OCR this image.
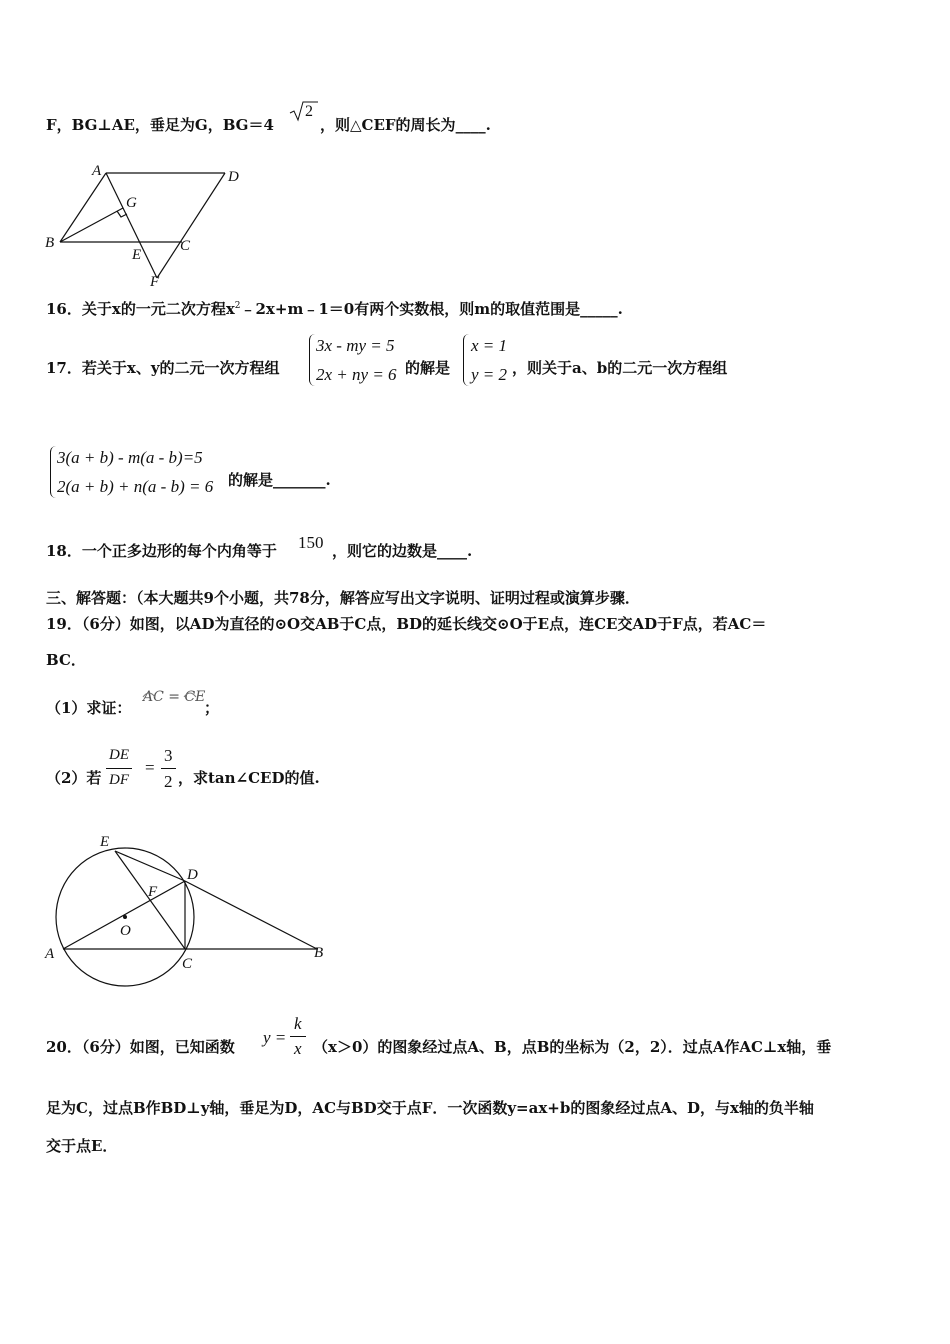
F，BG⊥AE，垂足为G，BG＝4
2
，则△CEF的周长为____.
A	D
G
B	C
E
F
16．关于x的一元二次方程$x^2﹣2x+m﹣1=0$有两个实数根，则m的取值范围是_____.
17．若关于x、y的二元一次方程组
3x - my = 5
2x + ny = 6 的解是
x = 1
y = 2 ，则关于a、b的二元一次方程组
3(a + b) - m(a - b)=5
2(a + b) + n(a - b) = 6 的解是_______.
18．一个正多边形的每个内角等于 150 ，则它的边数是____.
三、解答题：（本大题共9个小题，共78分，解答应写出文字说明、证明过程或演算步骤．
19．（6分）如图，以AD为直径的⊙O交AB于C点，BD的延长线交⊙O于E点，连CE交AD于F点，若AC＝
BC．
（1）求证：
AC = CE
；
（2）若
DE
DF
=
3
2 ，求tan∠CED的值.
E
D
F
O
A
C
B
20．（6分）如图，已知函数 y =
k
x （x＞0）的图象经过点A、B，点B的坐标为（2，2）．过点A作AC⊥x轴，垂
足为C，过点B作BD⊥y轴，垂足为D，AC与BD交于点F．一次函数y=ax+b的图象经过点A、D，与x轴的负半轴
交于点E．
